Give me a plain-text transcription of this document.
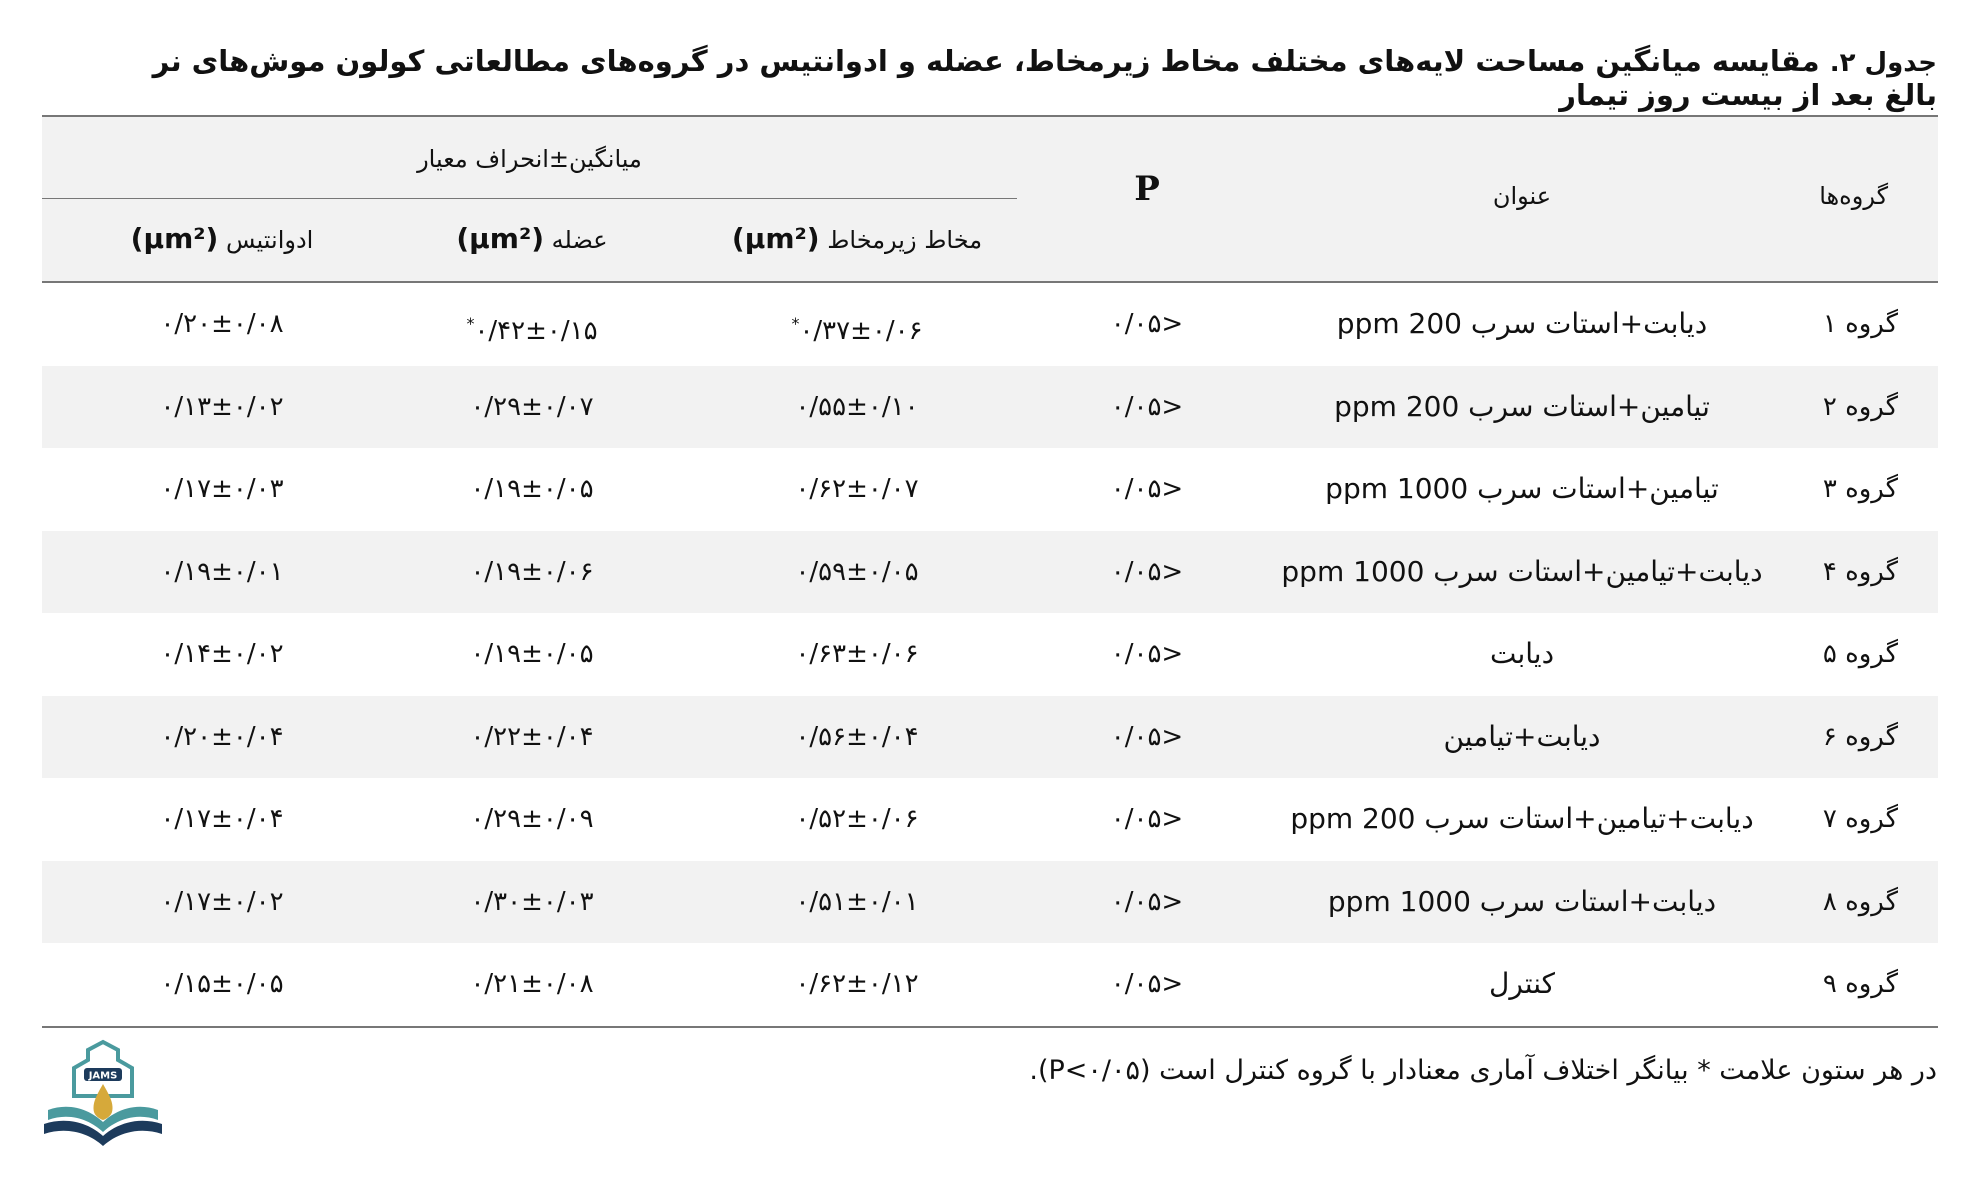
جدول ۲. مقایسه میانگین مساحت لایه‌های مختلف مخاط زیرمخاط، عضله و ادوانتیس در گروه‌های مطالعاتی کولون موش‌های نر بالغ بعد از بیست روز تیمار
گروه‌ها
عنوان
P
میانگین±انحراف معیار
مخاط زیرمخاط (µm²)
عضله (µm²)
ادوانتیس (µm²)
گروه ۱
دیابت+استات سرب 200 ppm
<۰/۰۵
۰/۳۷±۰/۰۶*
۰/۴۲±۰/۱۵*
۰/۲۰±۰/۰۸
گروه ۲
تیامین+استات سرب 200 ppm
<۰/۰۵
۰/۵۵±۰/۱۰
۰/۲۹±۰/۰۷
۰/۱۳±۰/۰۲
گروه ۳
تیامین+استات سرب 1000 ppm
<۰/۰۵
۰/۶۲±۰/۰۷
۰/۱۹±۰/۰۵
۰/۱۷±۰/۰۳
گروه ۴
دیابت+تیامین+استات سرب 1000 ppm
<۰/۰۵
۰/۵۹±۰/۰۵
۰/۱۹±۰/۰۶
۰/۱۹±۰/۰۱
گروه ۵
دیابت
<۰/۰۵
۰/۶۳±۰/۰۶
۰/۱۹±۰/۰۵
۰/۱۴±۰/۰۲
گروه ۶
دیابت+تیامین
<۰/۰۵
۰/۵۶±۰/۰۴
۰/۲۲±۰/۰۴
۰/۲۰±۰/۰۴
گروه ۷
دیابت+تیامین+استات سرب 200 ppm
<۰/۰۵
۰/۵۲±۰/۰۶
۰/۲۹±۰/۰۹
۰/۱۷±۰/۰۴
گروه ۸
دیابت+استات سرب 1000 ppm
<۰/۰۵
۰/۵۱±۰/۰۱
۰/۳۰±۰/۰۳
۰/۱۷±۰/۰۲
گروه ۹
کنترل
<۰/۰۵
۰/۶۲±۰/۱۲
۰/۲۱±۰/۰۸
۰/۱۵±۰/۰۵
در هر ستون علامت * بیانگر اختلاف آماری معنادار با گروه کنترل است (P<۰/۰۵).
JAMS
